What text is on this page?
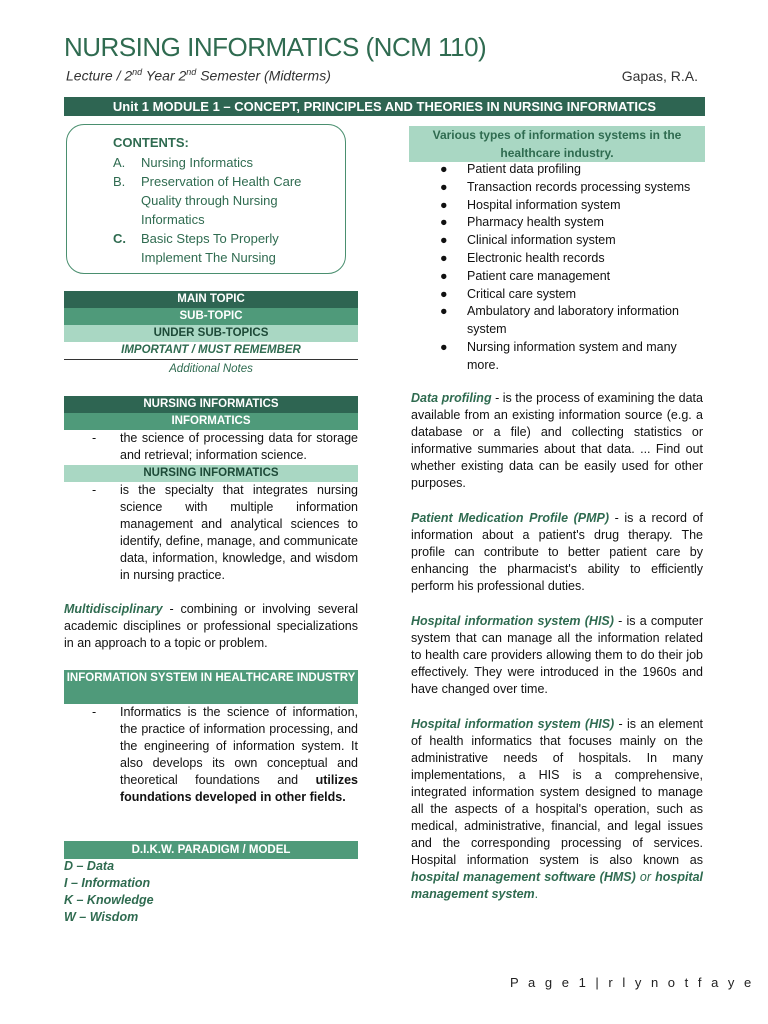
NURSING INFORMATICS (NCM 110)
Lecture / 2nd Year 2nd Semester (Midterms)	Gapas, R.A.
Unit 1 MODULE 1 – CONCEPT, PRINCIPLES AND THEORIES IN NURSING INFORMATICS
CONTENTS:
A. Nursing Informatics
B. Preservation of Health Care Quality through Nursing Informatics
C. Basic Steps To Properly Implement The Nursing
MAIN TOPIC
SUB-TOPIC
UNDER SUB-TOPICS
IMPORTANT / MUST REMEMBER
Additional Notes
NURSING INFORMATICS
INFORMATICS
- the science of processing data for storage and retrieval; information science.
NURSING INFORMATICS
- is the specialty that integrates nursing science with multiple information management and analytical sciences to identify, define, manage, and communicate data, information, knowledge, and wisdom in nursing practice.
Multidisciplinary - combining or involving several academic disciplines or professional specializations in an approach to a topic or problem.
INFORMATION SYSTEM IN HEALTHCARE INDUSTRY
- Informatics is the science of information, the practice of information processing, and the engineering of information system. It also develops its own conceptual and theoretical foundations and utilizes foundations developed in other fields.
D.I.K.W. PARADIGM / MODEL
D – Data
I – Information
K – Knowledge
W – Wisdom
Various types of information systems in the healthcare industry.
● Patient data profiling
● Transaction records processing systems
● Hospital information system
● Pharmacy health system
● Clinical information system
● Electronic health records
● Patient care management
● Critical care system
● Ambulatory and laboratory information system
● Nursing information system and many more.
Data profiling - is the process of examining the data available from an existing information source (e.g. a database or a file) and collecting statistics or informative summaries about that data. ... Find out whether existing data can be easily used for other purposes.
Patient Medication Profile (PMP) - is a record of information about a patient's drug therapy. The profile can contribute to better patient care by enhancing the pharmacist's ability to efficiently perform his professional duties.
Hospital information system (HIS) - is a computer system that can manage all the information related to health care providers allowing them to do their job effectively. They were introduced in the 1960s and have changed over time.
Hospital information system (HIS) - is an element of health informatics that focuses mainly on the administrative needs of hospitals. In many implementations, a HIS is a comprehensive, integrated information system designed to manage all the aspects of a hospital's operation, such as medical, administrative, financial, and legal issues and the corresponding processing of services. Hospital information system is also known as hospital management software (HMS) or hospital management system.
P a g e 1 | r l y n o t f a y e
